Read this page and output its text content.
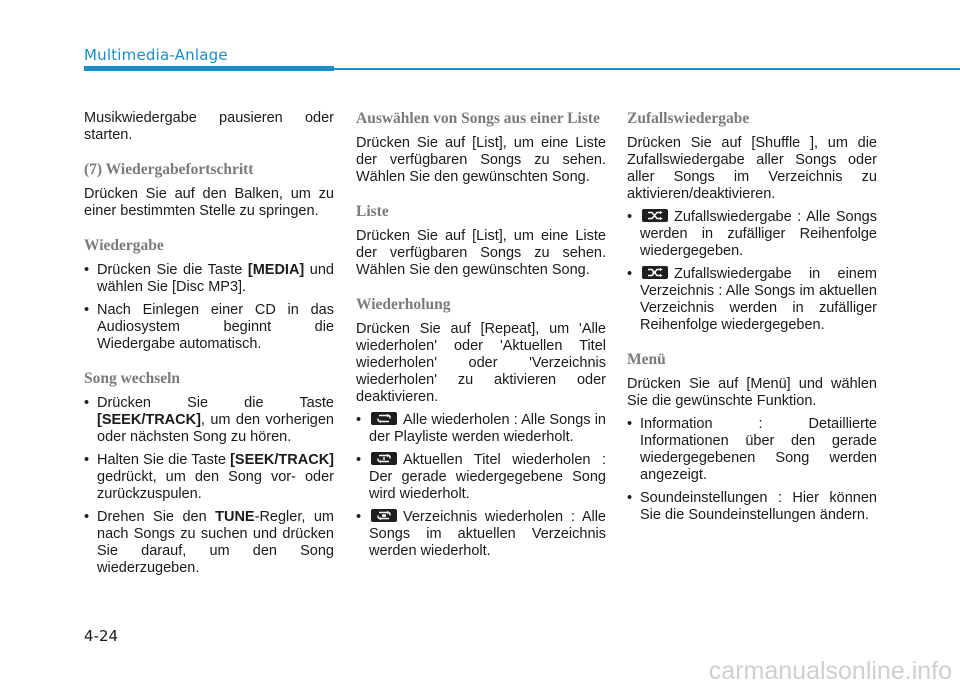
Multimedia-Anlage

Musikwiedergabe pausieren oder starten.

(7) Wiedergabefortschritt

Drücken Sie auf den Balken, um zu einer bestimmten Stelle zu springen.

Wiedergabe
• Drücken Sie die Taste [MEDIA] und wählen Sie [Disc MP3].
• Nach Einlegen einer CD in das Audiosystem beginnt die Wiedergabe automatisch.
Song wechseln
• Drücken Sie die Taste [SEEK/TRACK], um den vorherigen oder nächsten Song zu hören.
• Halten Sie die Taste [SEEK/TRACK] gedrückt, um den Song vor- oder zurückzuspulen.
• Drehen Sie den TUNE-Regler, um nach Songs zu suchen und drücken Sie darauf, um den Song wiederzugeben.
Auswählen von Songs aus einer Liste

Drücken Sie auf [List], um eine Liste der verfügbaren Songs zu sehen. Wählen Sie den gewünschten Song.

Liste

Drücken Sie auf [List], um eine Liste der verfügbaren Songs zu sehen. Wählen Sie den gewünschten Song.

Wiederholung

Drücken Sie auf [Repeat], um 'Alle wiederholen' oder 'Aktuellen Titel wiederholen' oder 'Verzeichnis wiederholen' zu aktivieren oder deaktivieren.

• Alle wiederholen : Alle Songs in der Playliste werden wiederholt.
• Aktuellen Titel wiederholen : Der gerade wiedergegebene Song wird wiederholt.
• Verzeichnis wiederholen : Alle Songs im aktuellen Verzeichnis werden wiederholt.
Zufallswiedergabe

Drücken Sie auf [Shuffle ], um die Zufallswiedergabe aller Songs oder aller Songs im Verzeichnis zu aktivieren/deaktivieren.

• Zufallswiedergabe : Alle Songs werden in zufälliger Reihenfolge wiedergegeben.
• Zufallswiedergabe in einem Verzeichnis : Alle Songs im aktuellen Verzeichnis werden in zufälliger Reihenfolge wiedergegeben.
Menü

Drücken Sie auf [Menü] und wählen Sie die gewünschte Funktion.

• Information : Detaillierte Informationen über den gerade wiedergegebenen Song werden angezeigt.
• Soundeinstellungen : Hier können Sie die Soundeinstellungen ändern.
4-24
carmanualsonline.info
